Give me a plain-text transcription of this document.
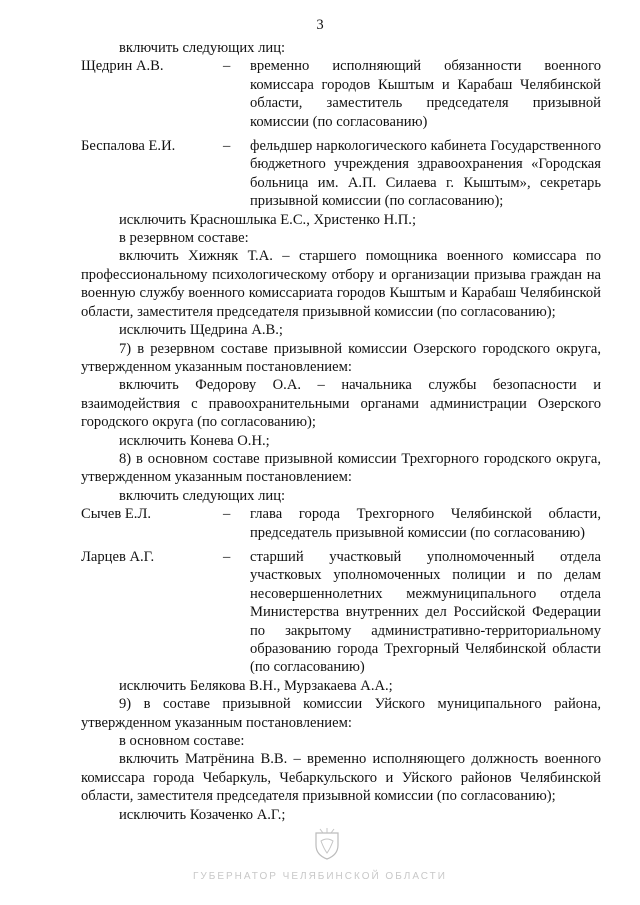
3

включить следующих лиц:

Щедрин А.В.	–	временно исполняющий обязанности военного комиссара городов Кыштым и Карабаш Челябинской области, заместитель председателя призывной комиссии (по согласованию)
Беспалова Е.И.	–	фельдшер наркологического кабинета Государственного бюджетного учреждения здравоохранения «Городская больница им. А.П. Силаева г. Кыштым», секретарь призывной комиссии (по согласованию);

исключить Красношлыка Е.С., Христенко Н.П.;

в резервном составе:

включить Хижняк Т.А. – старшего помощника военного комиссара по профессиональному психологическому отбору и организации призыва граждан на военную службу военного комиссариата городов Кыштым и Карабаш Челябинской области, заместителя председателя призывной комиссии (по согласованию);

исключить Щедрина А.В.;

7) в резервном составе призывной комиссии Озерского городского округа, утвержденном указанным постановлением:

включить Федорову О.А. – начальника службы безопасности и взаимодействия с правоохранительными органами администрации Озерского городского округа (по согласованию);

исключить Конева О.Н.;

8) в основном составе призывной комиссии Трехгорного городского округа, утвержденном указанным постановлением:

включить следующих лиц:

Сычев Е.Л.	–	глава города Трехгорного Челябинской области, председатель призывной комиссии (по согласованию)
Ларцев А.Г.	–	старший участковый уполномоченный отдела участковых уполномоченных полиции и по делам несовершеннолетних межмуниципального отдела Министерства внутренних дел Российской Федерации по закрытому административно-территориальному образованию города Трехгорный Челябинской области (по согласованию)

исключить Белякова В.Н., Мурзакаева А.А.;

9) в составе призывной комиссии Уйского муниципального района, утвержденном указанным постановлением:

в основном составе:

включить Матрёнина В.В. – временно исполняющего должность военного комиссара города Чебаркуль, Чебаркульского и Уйского районов Челябинской области, заместителя председателя призывной комиссии (по согласованию);

исключить Козаченко А.Г.;

ГУБЕРНАТОР ЧЕЛЯБИНСКОЙ ОБЛАСТИ
